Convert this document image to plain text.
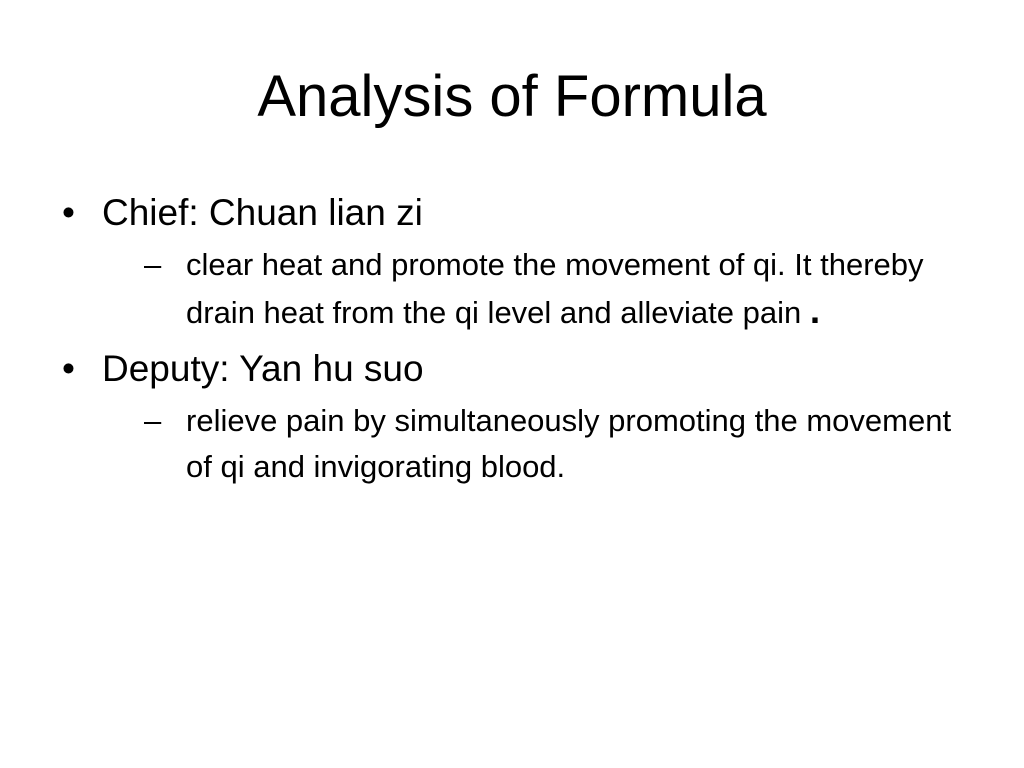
Analysis of Formula
• Chief: Chuan lian zi
– clear heat and promote the movement of qi. It thereby drain heat from the qi level and alleviate pain .
• Deputy: Yan hu suo
– relieve pain by simultaneously promoting the movement of qi and invigorating blood.
